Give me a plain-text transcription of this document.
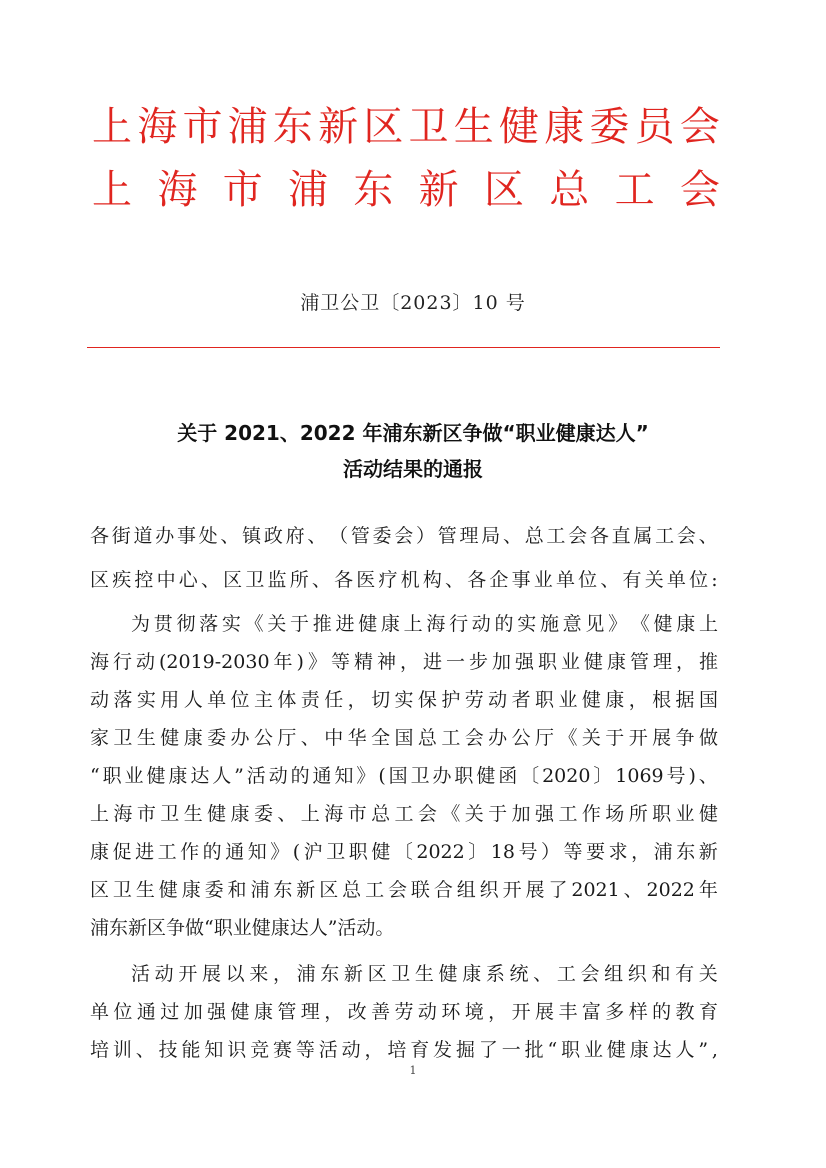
上 海 市 浦 东 新 区 卫 生 健 康 委 员 会
上 海 市 浦 东 新 区 总 工 会
浦卫公卫〔2023〕10 号
关于 2021、2022 年浦东新区争做“职业健康达人”
活动结果的通报
各 街 道 办 事 处 、 镇 政 府 、 （ 管 委 会 ） 管 理 局 、 总 工 会 各 直 属 工 会 、
区 疾 控 中 心 、 区 卫 监 所 、 各 医 疗 机 构 、 各 企 事 业 单 位 、 有 关 单 位 :
为 贯 彻 落 实 《 关 于 推 进 健 康 上 海 行 动 的 实 施 意 见 》 《 健 康 上
海 行 动 (2019-2030 年 ) 》 等 精 神 ， 进 一 步 加 强 职 业 健 康 管 理 ， 推
动 落 实 用 人 单 位 主 体 责 任 ， 切 实 保 护 劳 动 者 职 业 健 康 ， 根 据 国
家 卫 生 健 康 委 办 公 厅 、 中 华 全 国 总 工 会 办 公 厅 《 关 于 开 展 争 做
“ 职 业 健 康 达 人 ” 活 动 的 通 知 》 ( 国 卫 办 职 健 函 〔 2020 〕 1069 号 ) 、
上 海 市 卫 生 健 康 委 、 上 海 市 总 工 会 《 关 于 加 强 工 作 场 所 职 业 健
康 促 进 工 作 的 通 知 》 ( 沪 卫 职 健 〔 2022 〕 18 号 ） 等 要 求 ， 浦 东 新
区 卫 生 健 康 委 和 浦 东 新 区 总 工 会 联 合 组 织 开 展 了 2021 、 2022 年
浦东新区争做“职业健康达人”活动。
活 动 开 展 以 来 ， 浦 东 新 区 卫 生 健 康 系 统 、 工 会 组 织 和 有 关
单 位 通 过 加 强 健 康 管 理 ， 改 善 劳 动 环 境 ， 开 展 丰 富 多 样 的 教 育
培 训 、 技 能 知 识 竞 赛 等 活 动 ， 培 育 发 掘 了 一 批 “ 职 业 健 康 达 人 ” ,
1
